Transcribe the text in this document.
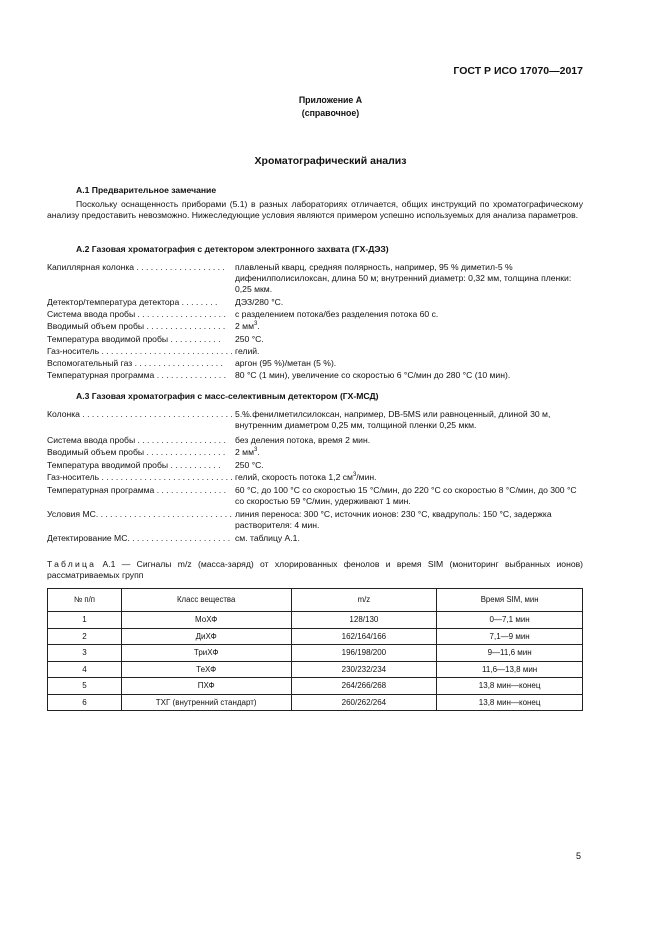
ГОСТ Р ИСО 17070—2017
Приложение А
(справочное)
Хроматографический анализ
А.1 Предварительное замечание
Поскольку оснащенность приборами (5.1) в разных лабораториях отличается, общих инструкций по хроматографическому анализу предоставить невозможно. Нижеследующие условия являются примером успешно используемых для анализа параметров.
А.2 Газовая хроматография с детектором электронного захвата (ГХ-ДЭЗ)
Капиллярная колонка . . . . . . . . . . . . . . . . . . .	плавленый кварц, средняя полярность, например, 95 % диметил-5 % дифенилполисилоксан, длина 50 м; внутренний диаметр: 0,32 мм, толщина пленки: 0,25 мкм.
Детектор/температура детектора . . . . . . . .	ДЭЗ/280 °С.
Система ввода пробы . . . . . . . . . . . . . . . . . . .	с разделением потока/без разделения потока 60 с.
Вводимый объем пробы . . . . . . . . . . . . . . . . .	2 $мм^3$.
Температура вводимой пробы . . . . . . . . . . .	250 °С.
Газ-носитель . . . . . . . . . . . . . . . . . . . . . . . . . . . . гелий.
Вспомогательный газ . . . . . . . . . . . . . . . . . . .	аргон (95 %)/метан (5 %).
Температурная программа . . . . . . . . . . . . . . .	80 °С (1 мин), увеличение со скоростью 6 °С/мин до 280 °С (10 мин).
А.3 Газовая хроматография с масс-селективным детектором (ГХ-МСД)
Колонка . . . . . . . . . . . . . . . . . . . . . . . . . . . . . . . . . . . . .
5 % фенилметилсилоксан, например, DB-5MS или равноценный, длиной 30 м, внутренним диаметром 0,25 мм, толщиной пленки 0,25 мкм.
Система ввода пробы . . . . . . . . . . . . . . . . . . .	без деления потока, время 2 мин.
Вводимый объем пробы . . . . . . . . . . . . . . . . .	2 $мм^3$.
Температура вводимой пробы . . . . . . . . . . .	250 °С.
Газ-носитель . . . . . . . . . . . . . . . . . . . . . . . . . . . . гелий, скорость потока 1,2 $см^3$/мин.
Температурная программа . . . . . . . . . . . . . . .	60 °С, до 100 °С со скоростью 15 °С/мин, до 220 °С со скоростью 8 °С/мин, до 300 °С со скоростью 59 °С/мин, удерживают 1 мин.
Условия МС. . . . . . . . . . . . . . . . . . . . . . . . . . . . . линия переноса: 300 °С, источник ионов: 230 °С, квадруполь: 150 °С, задержка растворителя: 4 мин.
Детектирование МС. . . . . . . . . . . . . . . . . . . . . . см. таблицу А.1.
Таблица А.1 — Сигналы m/z (масса-заряд) от хлорированных фенолов и время SIM (мониторинг выбранных ионов) рассматриваемых групп
№ п/п	Класс вещества	m/z	Время SIM, мин
1	МоХФ	128/130	0—7,1 мин
2	ДиХФ	162/164/166	7,1—9 мин
3	ТриХФ	196/198/200	9—11,6 мин
4	ТеХФ	230/232/234	11,6—13,8 мин
5	ПХФ	264/266/268	13,8 мин—конец
6	ТХГ (внутренний стандарт)	260/262/264	13,8 мин—конец
5
